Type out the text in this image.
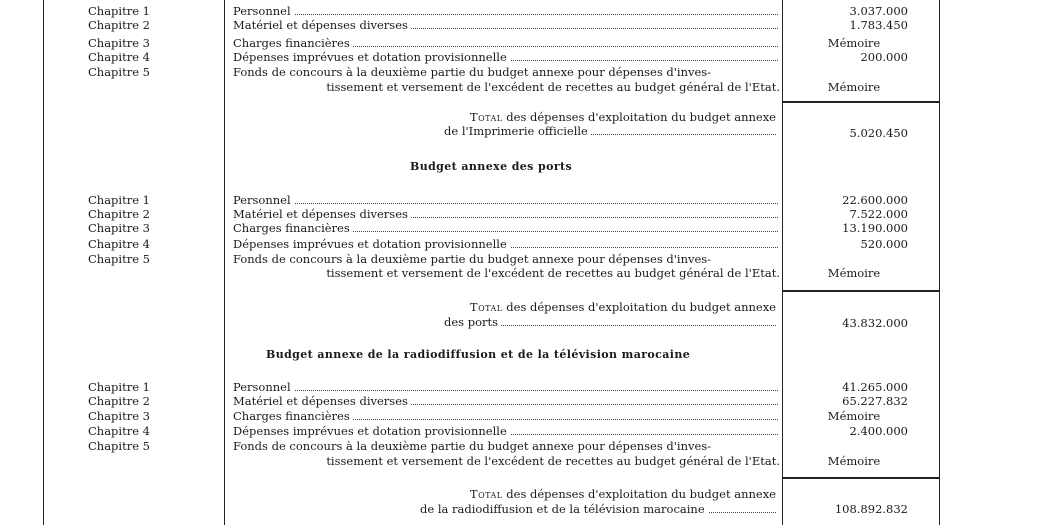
Chapitre 1	Personnel	3.037.000
Chapitre 2	Matériel et dépenses diverses	1.783.450
Chapitre 3	Charges financières	Mémoire
Chapitre 4	Dépenses imprévues et dotation provisionnelle	200.000
Chapitre 5	Fonds de concours à la deuxième partie du budget annexe pour dépenses d'inves-
tissement et versement de l'excédent de recettes au budget général de l'Etat.	Mémoire
Total des dépenses d'exploitation du budget annexe
de l'Imprimerie officielle	5.020.450
Budget annexe des ports
Chapitre 1	Personnel	22.600.000
Chapitre 2	Matériel et dépenses diverses	7.522.000
Chapitre 3	Charges financières	13.190.000
Chapitre 4	Dépenses imprévues et dotation provisionnelle	520.000
Chapitre 5	Fonds de concours à la deuxième partie du budget annexe pour dépenses d'inves-
tissement et versement de l'excédent de recettes au budget général de l'Etat.	Mémoire
Total des dépenses d'exploitation du budget annexe
des ports	43.832.000
Budget annexe de la radiodiffusion et de la télévision marocaine
Chapitre 1	Personnel	41.265.000
Chapitre 2	Matériel et dépenses diverses	65.227.832
Chapitre 3	Charges financières	Mémoire
Chapitre 4	Dépenses imprévues et dotation provisionnelle	2.400.000
Chapitre 5	Fonds de concours à la deuxième partie du budget annexe pour dépenses d'inves-
tissement et versement de l'excédent de recettes au budget général de l'Etat.	Mémoire
Total des dépenses d'exploitation du budget annexe
de la radiodiffusion et de la télévision marocaine	108.892.832
